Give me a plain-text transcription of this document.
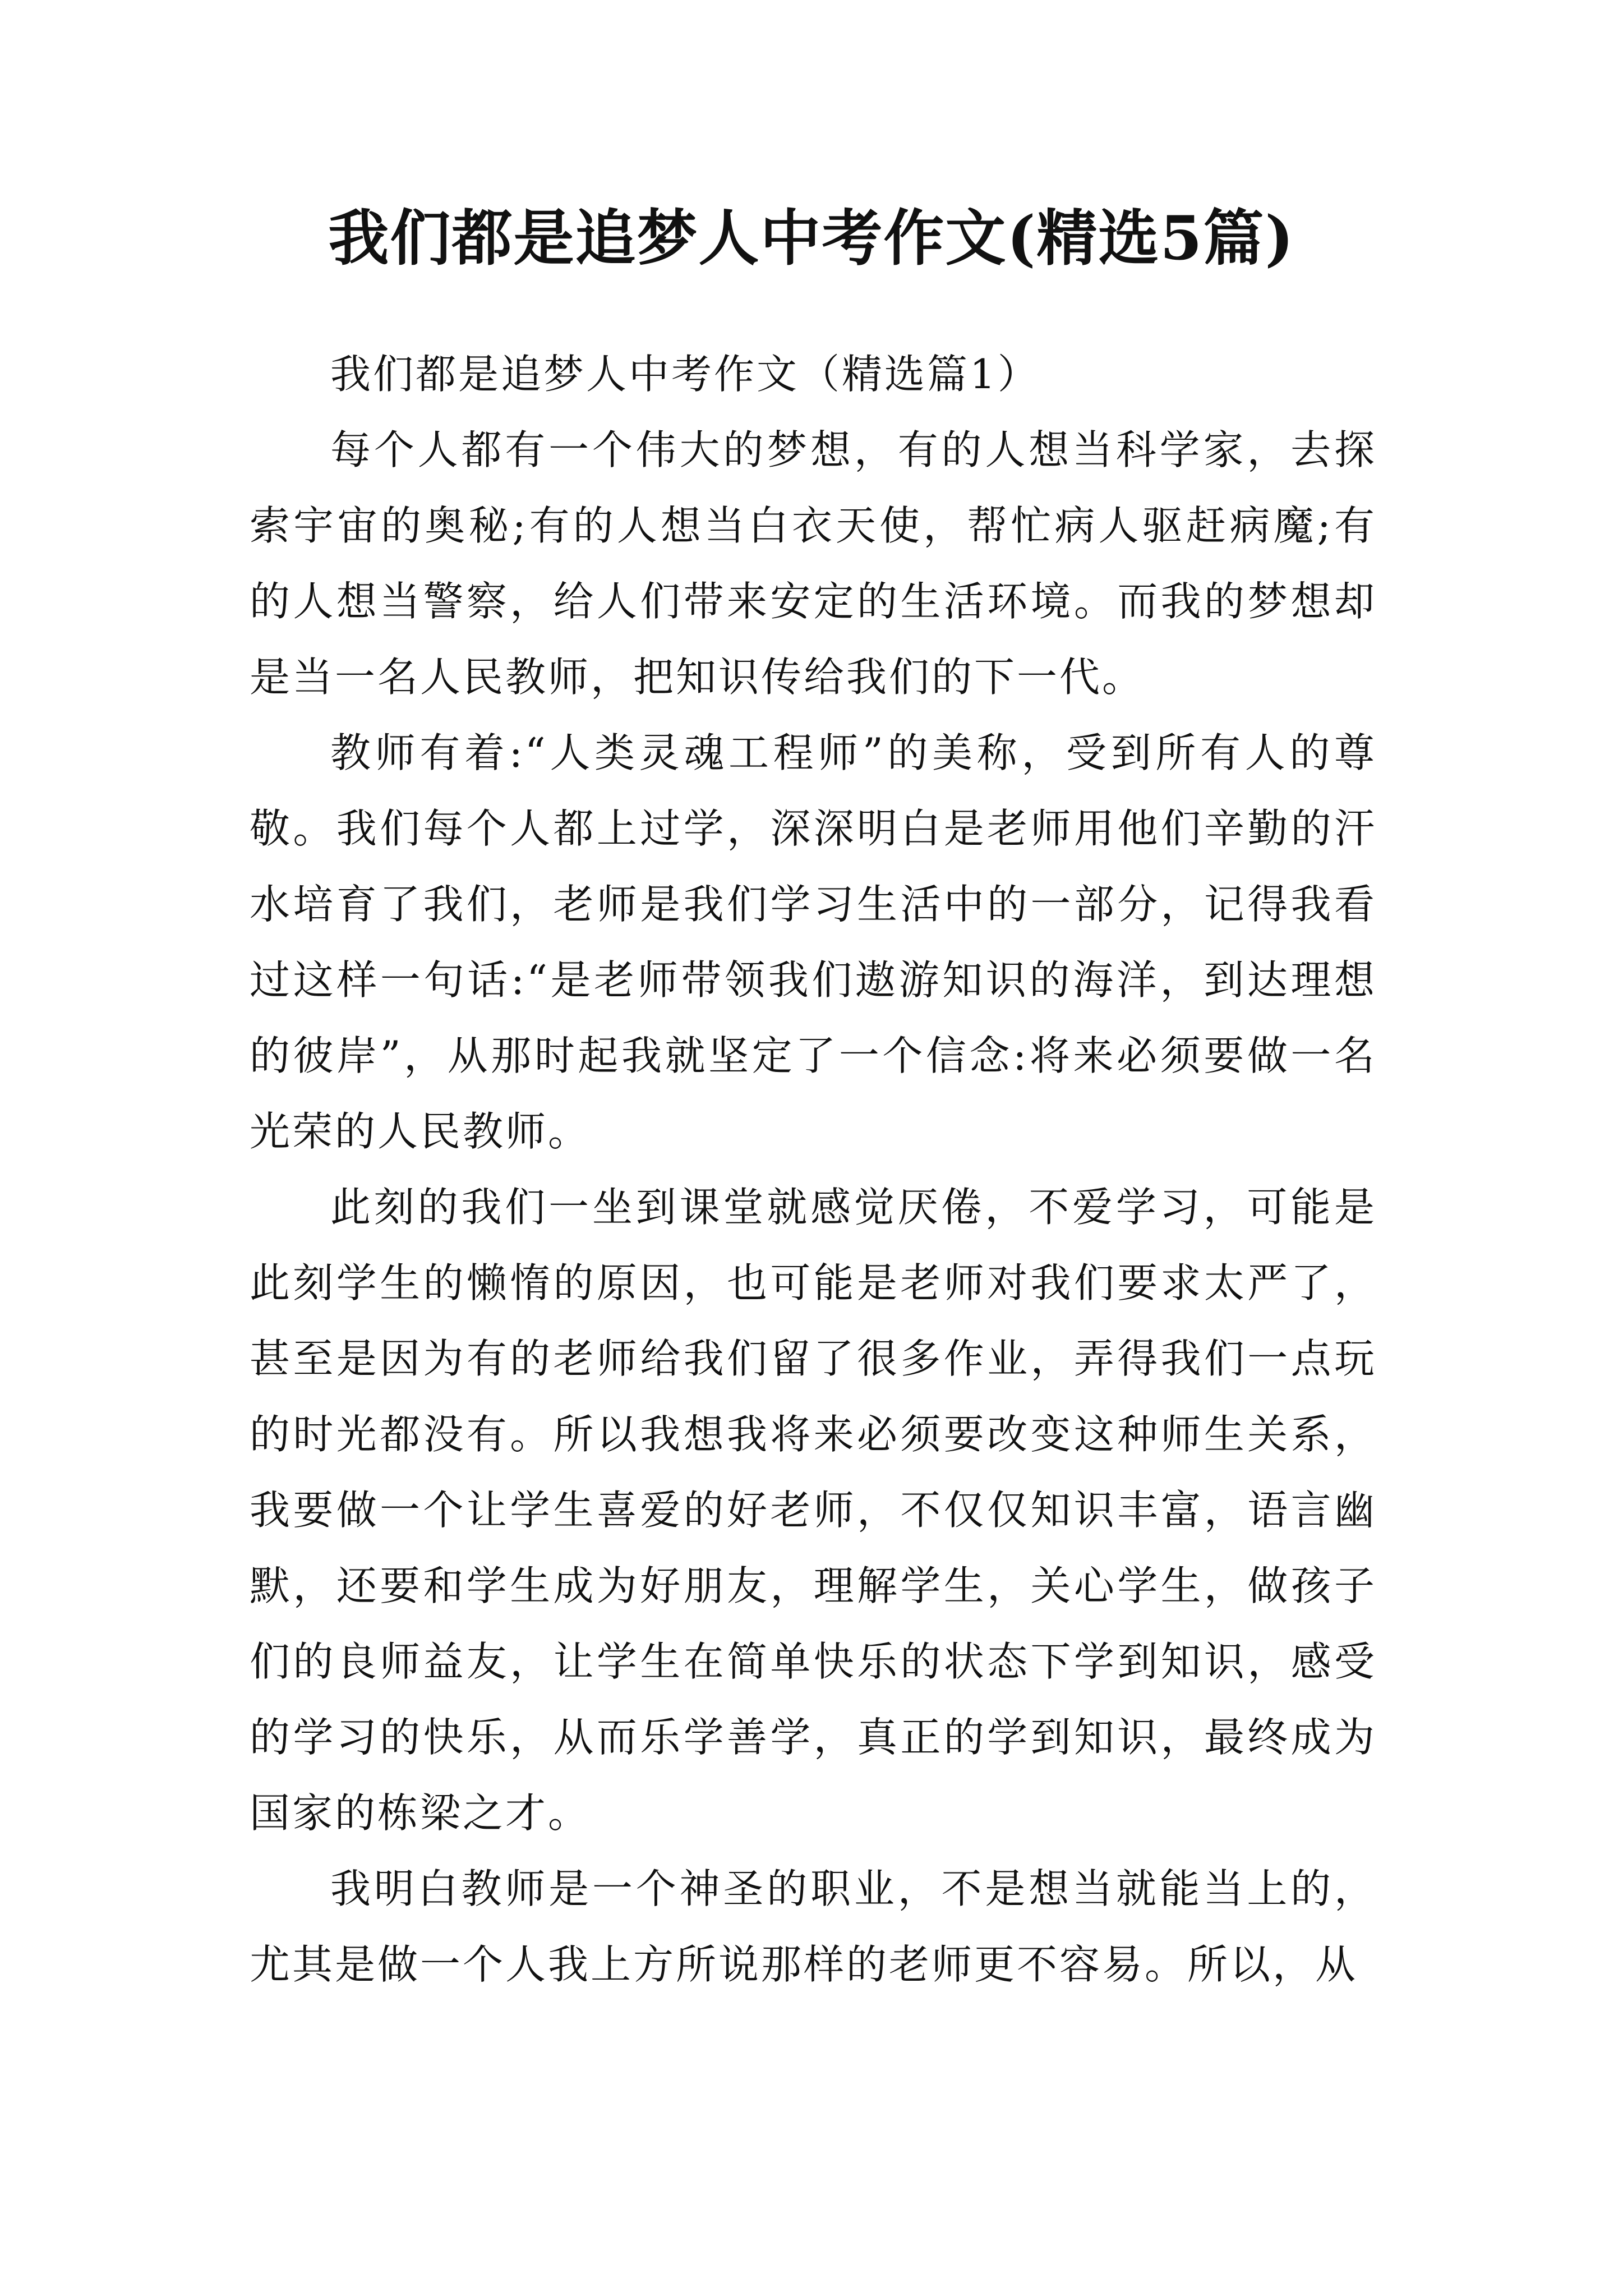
我们都是追梦人中考作文(精选5篇)

我们都是追梦人中考作文（精选篇1）

每个人都有一个伟大的梦想，有的人想当科学家，去探索宇宙的奥秘;有的人想当白衣天使，帮忙病人驱赶病魔;有的人想当警察，给人们带来安定的生活环境。而我的梦想却是当一名人民教师，把知识传给我们的下一代。

教师有着:“人类灵魂工程师”的美称，受到所有人的尊敬。我们每个人都上过学，深深明白是老师用他们辛勤的汗水培育了我们，老师是我们学习生活中的一部分，记得我看过这样一句话:“是老师带领我们遨游知识的海洋，到达理想的彼岸”，从那时起我就坚定了一个信念:将来必须要做一名光荣的人民教师。

此刻的我们一坐到课堂就感觉厌倦，不爱学习，可能是此刻学生的懒惰的原因，也可能是老师对我们要求太严了，甚至是因为有的老师给我们留了很多作业，弄得我们一点玩的时光都没有。所以我想我将来必须要改变这种师生关系，我要做一个让学生喜爱的好老师，不仅仅知识丰富，语言幽默，还要和学生成为好朋友，理解学生，关心学生，做孩子们的良师益友，让学生在简单快乐的状态下学到知识，感受的学习的快乐，从而乐学善学，真正的学到知识，最终成为国家的栋梁之才。

我明白教师是一个神圣的职业，不是想当就能当上的，尤其是做一个人我上方所说那样的老师更不容易。所以，从
